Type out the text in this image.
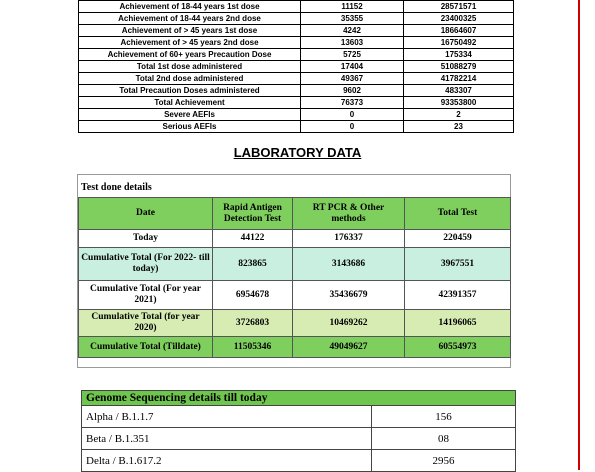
Achievement of 18-44 years 1st dose	11152	28571571
Achievement of 18-44 years 2nd dose	35355	23400325
Achievement of > 45 years 1st dose	4242	18664607
Achievement of > 45 years 2nd dose	13603	16750492
Achievement of 60+ years Precaution Dose	5725	175334
Total 1st dose administered	17404	51088279
Total 2nd dose administered	49367	41782214
Total Precaution Doses administered	9602	483307
Total Achievement	76373	93353800
Severe AEFIs	0	2
Serious AEFIs	0	23
LABORATORY DATA
Test done details
Date	Rapid Antigen Detection Test	RT PCR & Other methods	Total Test
Today	44122	176337	220459
Cumulative Total (For 2022- till today)	823865	3143686	3967551
Cumulative Total (For year 2021)	6954678	35436679	42391357
Cumulative Total (for year 2020)	3726803	10469262	14196065
Cumulative Total (Tilldate)	11505346	49049627	60554973
Genome Sequencing details till today	
Alpha / B.1.1.7	156
Beta / B.1.351	08
Delta / B.1.617.2	2956
